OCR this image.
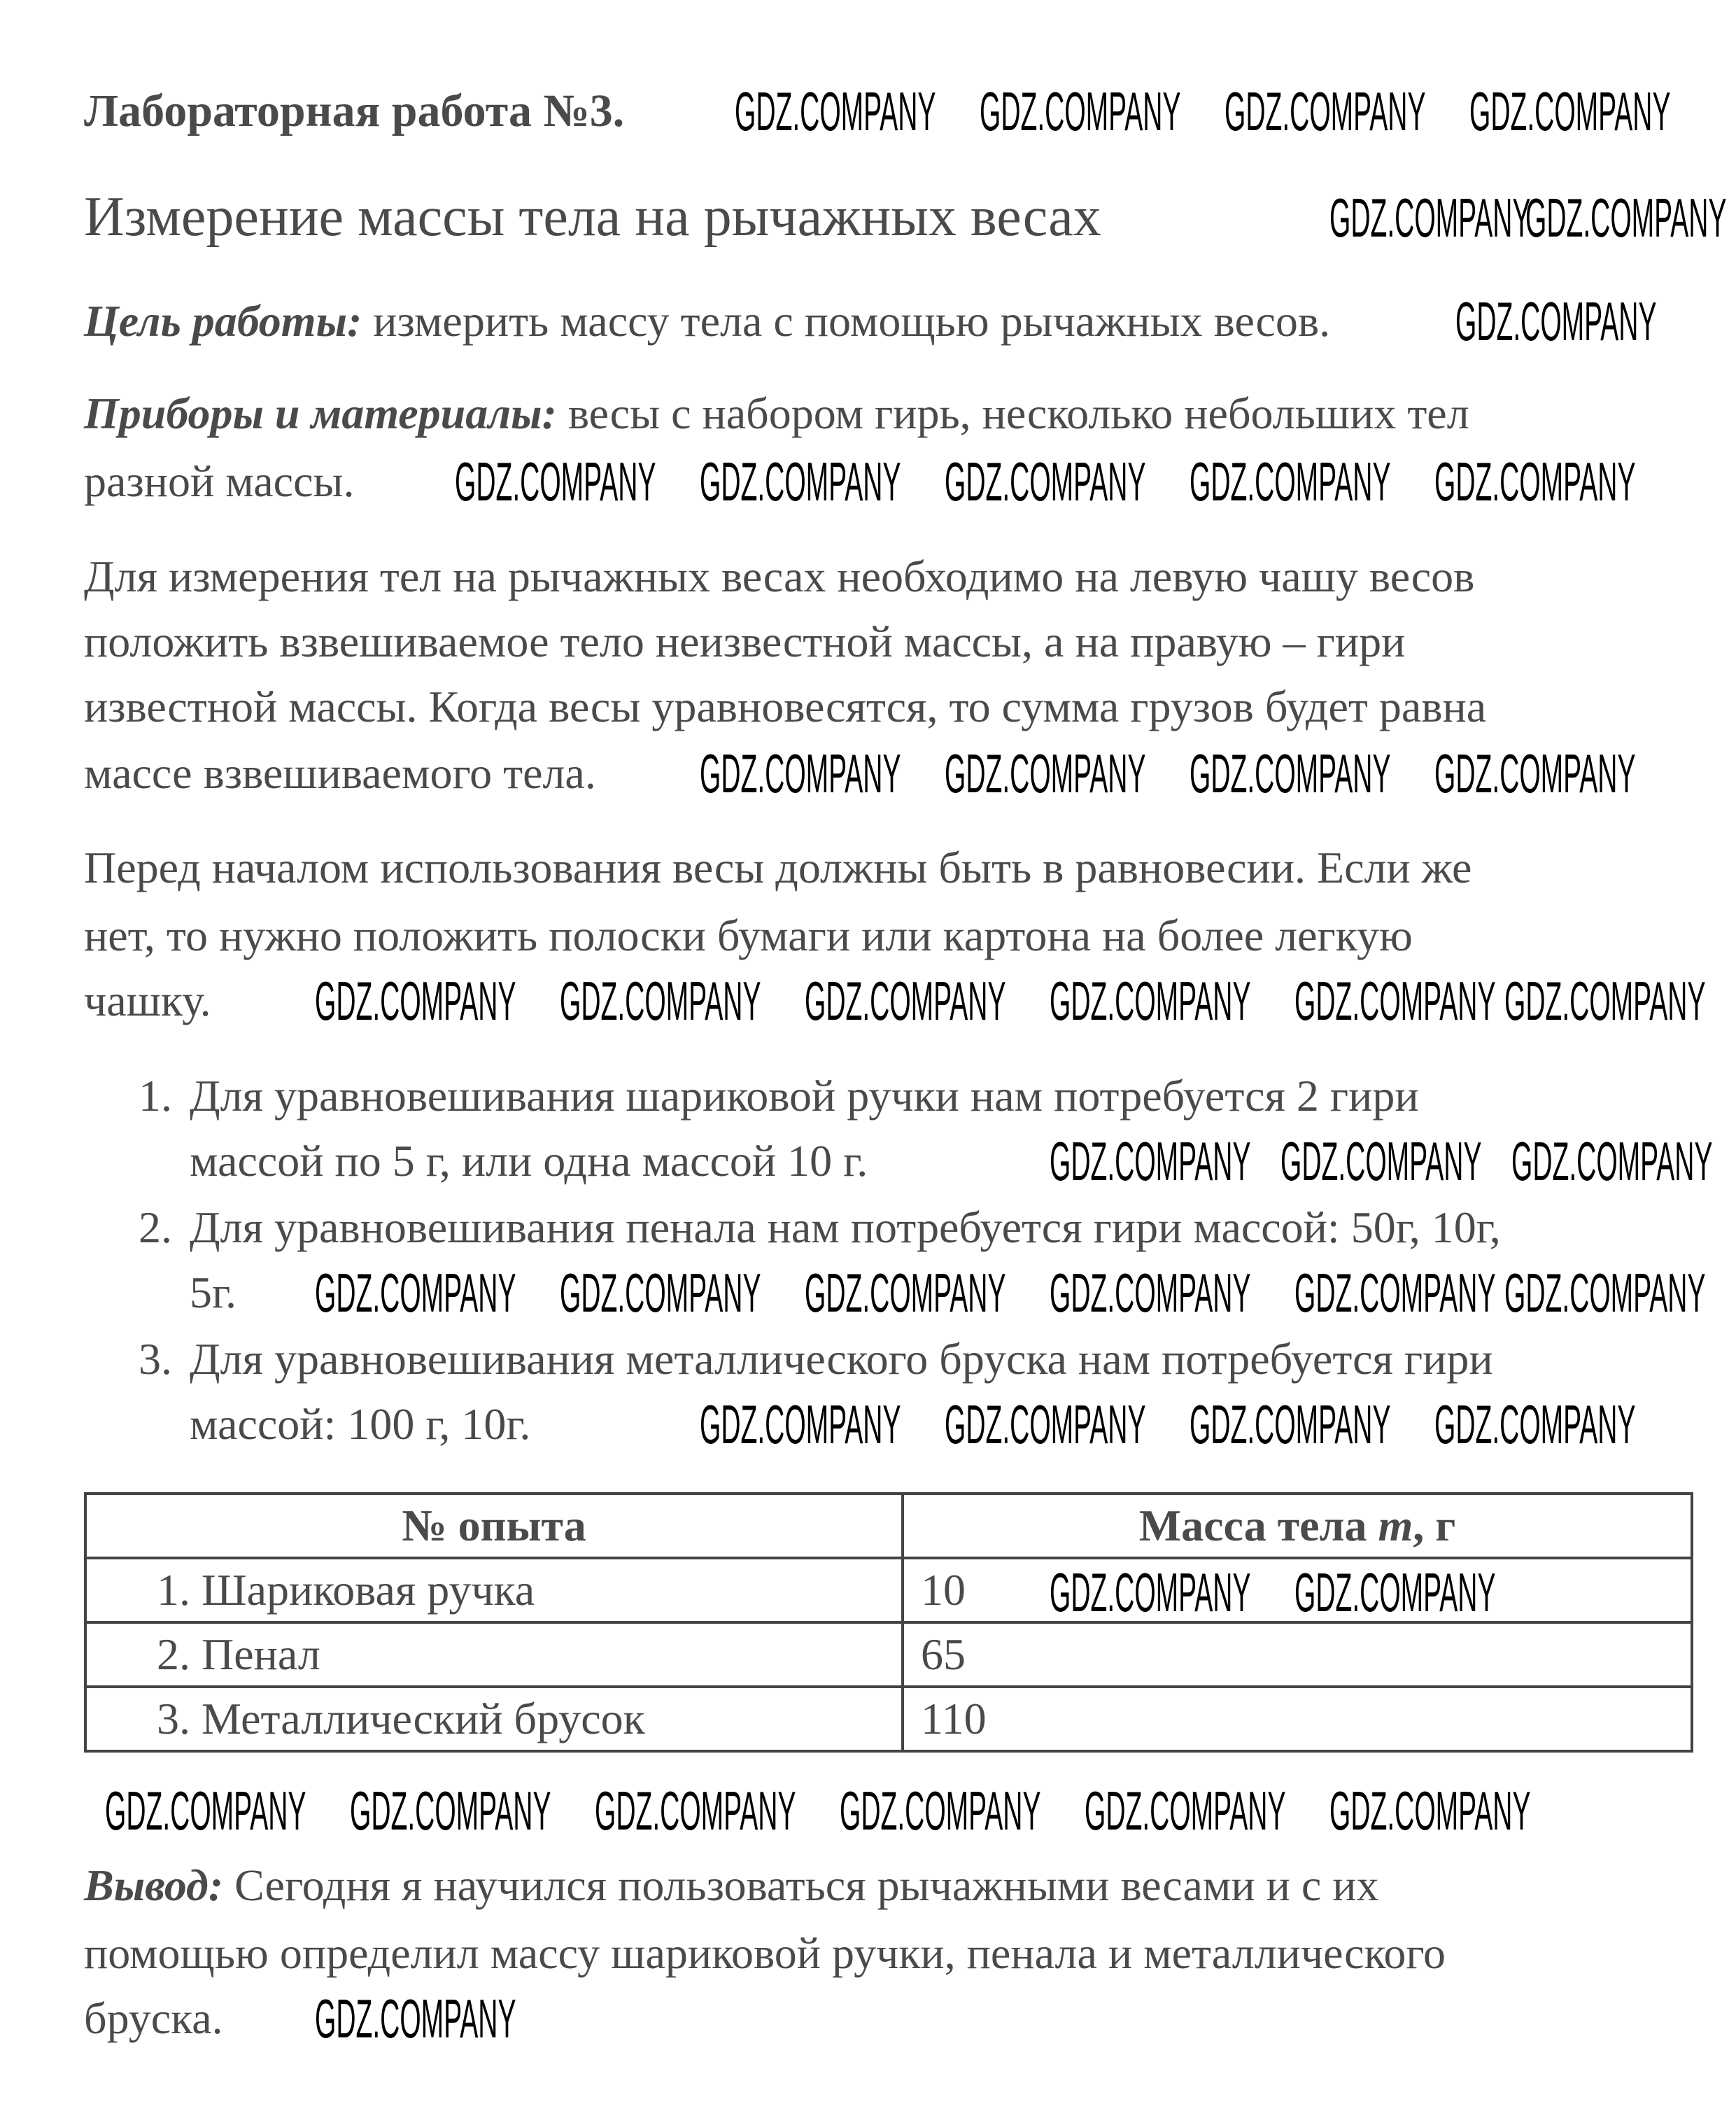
Лабораторная работа №3.
Измерение массы тела на рычажных весах
Цель работы: измерить массу тела с помощью рычажных весов.
Приборы и материалы: весы с набором гирь, несколько небольших тел
разной массы.
Для измерения тел на рычажных весах необходимо на левую чашу весов
положить взвешиваемое тело неизвестной массы, а на правую – гири
известной массы. Когда весы уравновесятся, то сумма грузов будет равна
массе взвешиваемого тела.
Перед началом использования весы должны быть в равновесии. Если же
нет, то нужно положить полоски бумаги или картона на более легкую
чашку.
1. Для уравновешивания шариковой ручки нам потребуется 2 гири
массой по 5 г, или одна массой 10 г.
2. Для уравновешивания пенала нам потребуется гири массой: 50г, 10г,
5г.
3. Для уравновешивания металлического бруска нам потребуется гири
массой: 100 г, 10г.
№ опыта	Масса тела m, г
1. Шариковая ручка	10
2. Пенал	65
3. Металлический брусок	110
Вывод: Сегодня я научился пользоваться рычажными весами и с их
помощью определил массу шариковой ручки, пенала и металлического
бруска.
GDZ.COMPANY GDZ.COMPANY GDZ.COMPANY GDZ.COMPANY
GDZ.COMPANY
GDZ.COMPANY
GDZ.COMPANY
GDZ.COMPANY GDZ.COMPANY GDZ.COMPANY GDZ.COMPANY GDZ.COMPANY
GDZ.COMPANY GDZ.COMPANY GDZ.COMPANY GDZ.COMPANY
GDZ.COMPANY GDZ.COMPANY GDZ.COMPANY GDZ.COMPANY GDZ.COMPANY GDZ.COMPANY
GDZ.COMPANY GDZ.COMPANY GDZ.COMPANY
GDZ.COMPANY GDZ.COMPANY GDZ.COMPANY GDZ.COMPANY GDZ.COMPANY GDZ.COMPANY
GDZ.COMPANY GDZ.COMPANY GDZ.COMPANY GDZ.COMPANY
GDZ.COMPANY GDZ.COMPANY
GDZ.COMPANY GDZ.COMPANY GDZ.COMPANY GDZ.COMPANY GDZ.COMPANY GDZ.COMPANY
GDZ.COMPANY
